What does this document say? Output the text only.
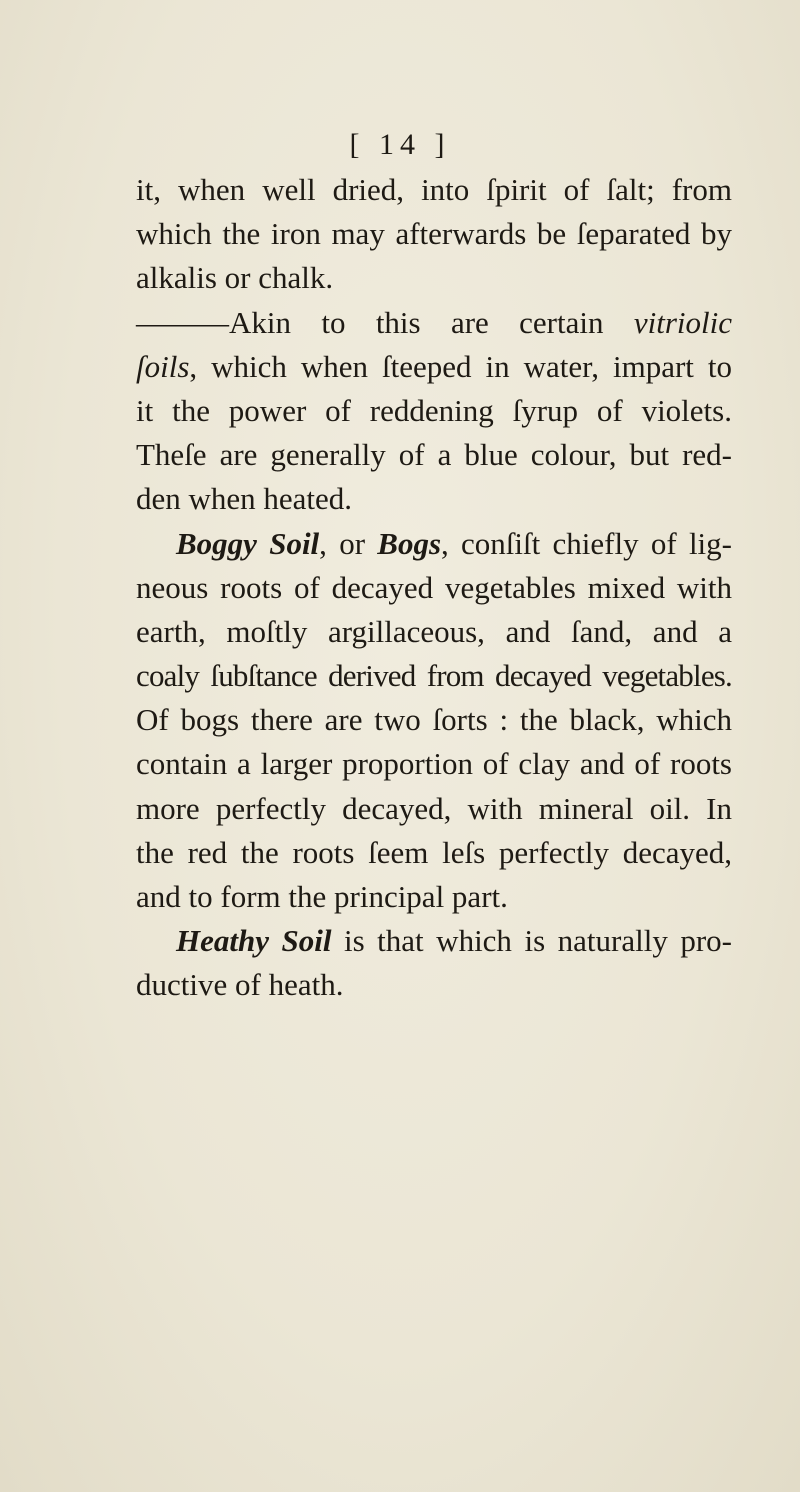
[ 14 ]
it, when well dried, into ſpirit of ſalt; from
which the iron may afterwards be ſeparated by
alkalis or chalk.
———Akin to this are certain vitriolic
ſoils, which when ſteeped in water, impart to
it the power of reddening ſyrup of violets.
Theſe are generally of a blue colour, but red-
den when heated.
Boggy Soil, or Bogs, conſiſt chiefly of lig-
neous roots of decayed vegetables mixed with
earth, moſtly argillaceous, and ſand, and a
coaly ſubſtance derived from decayed vegetables.
Of bogs there are two ſorts : the black, which
contain a larger proportion of clay and of roots
more perfectly decayed, with mineral oil. In
the red the roots ſeem leſs perfectly decayed,
and to form the principal part.
Heathy Soil is that which is naturally pro-
ductive of heath.
